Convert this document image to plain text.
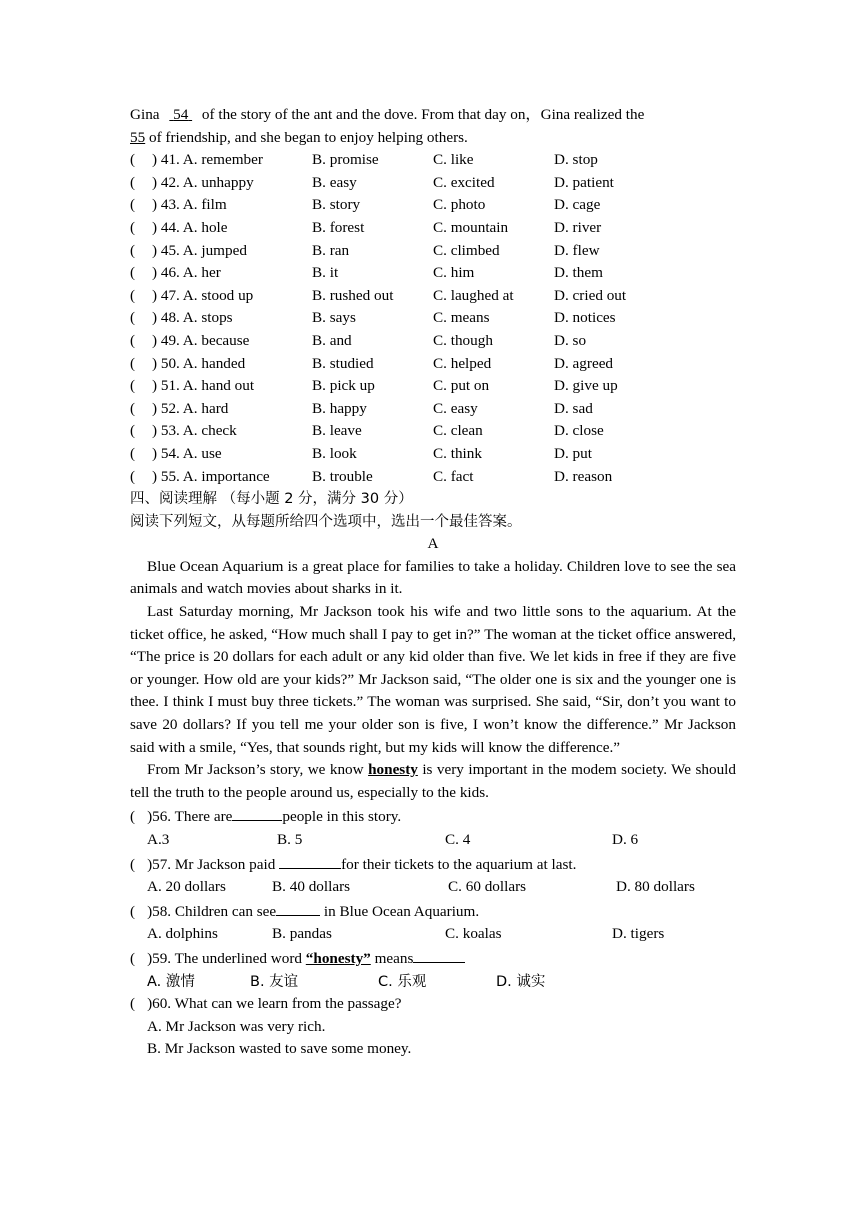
Gina  54  of the story of the ant and the dove. From that day on，Gina realized the
55 of friendship, and she began to enjoy helping others.
(	) 41. A. remember	B. promise	C. like	D. stop
(	) 42. A. unhappy	B. easy	C. excited	D. patient
(	) 43. A. film	B. story	C. photo	D. cage
(	) 44. A. hole	B. forest	C. mountain	D. river
(	) 45. A. jumped	B. ran	C. climbed	D. flew
(	) 46. A. her	B. it	C. him	D. them
(	) 47. A. stood up	B. rushed out	C. laughed at	D. cried out
(	) 48. A. stops	B. says	C. means	D. notices
(	) 49. A. because	B. and	C. though	D. so
(	) 50. A. handed	B. studied	C. helped	D. agreed
(	) 51. A. hand out	B. pick up	C. put on	D. give up
(	) 52. A. hard	B. happy	C. easy	D. sad
(	) 53. A. check	B. leave	C. clean	D. close
(	) 54. A. use	B. look	C. think	D. put
(	) 55. A. importance	B. trouble	C. fact	D. reason
四、阅读理解 （每小题 2 分，满分 30 分）
阅读下列短文，从每题所给四个选项中，选出一个最佳答案。
A
Blue Ocean Aquarium is a great place for families to take a holiday. Children love to see the sea animals and watch movies about sharks in it.
Last Saturday morning, Mr Jackson took his wife and two little sons to the aquarium. At the ticket office, he asked, “How much shall I pay to get in?” The woman at the ticket office answered, “The price is 20 dollars for each adult or any kid older than five. We let kids in free if they are five or younger. How old are your kids?” Mr Jackson said, “The older one is six and the younger one is thee. I think I must buy three tickets.” The woman was surprised. She said, “Sir, don’t you want to save 20 dollars? If you tell me your older son is five, I won’t know the difference.” Mr Jackson said with a smile, “Yes, that sounds right, but my kids will know the difference.”
From Mr Jackson’s story, we know honesty is very important in the modem society. We should tell the truth to the people around us, especially to the kids.
( )56. There are	people in this story.
A.3	B. 5	C. 4	D. 6
( )57. Mr Jackson paid	for their tickets to the aquarium at last.
A. 20 dollars	B. 40 dollars	C. 60 dollars	D. 80 dollars
( )58. Children can see	in Blue Ocean Aquarium.
A. dolphins	B. pandas	C. koalas	D. tigers
( )59. The underlined word “honesty” means
A. 激情	B. 友谊	C. 乐观	D. 诚实
( )60. What can we learn from the passage?
A. Mr Jackson was very rich.
B. Mr Jackson wasted to save some money.
